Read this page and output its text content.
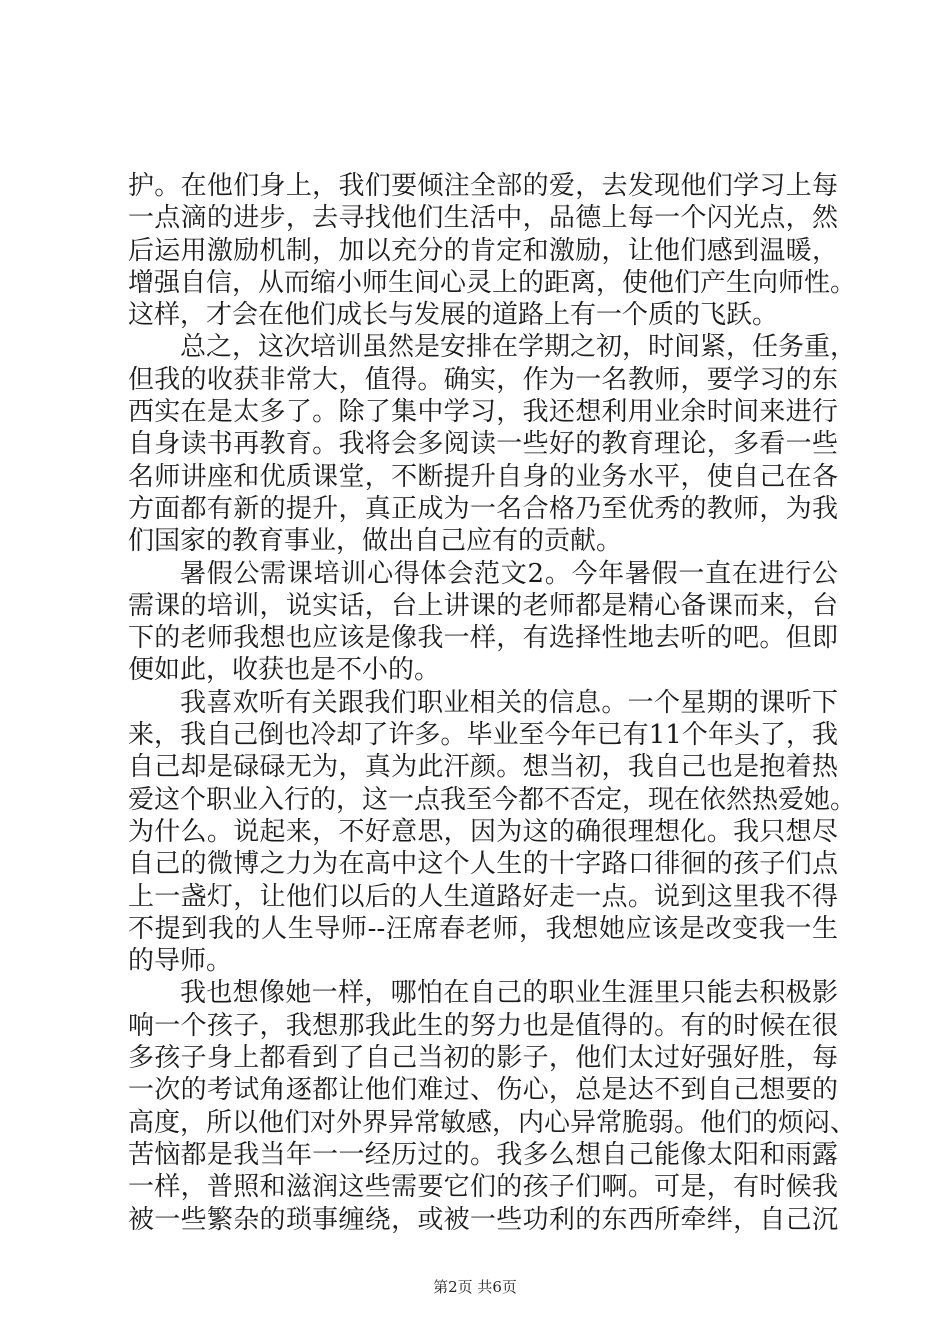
护。在他们身上，我们要倾注全部的爱，去发现他们学习上每
一点滴的进步，去寻找他们生活中，品德上每一个闪光点，然
后运用激励机制，加以充分的肯定和激励，让他们感到温暖，
增强自信，从而缩小师生间心灵上的距离，使他们产生向师性。
这样，才会在他们成长与发展的道路上有一个质的飞跃。
总之，这次培训虽然是安排在学期之初，时间紧，任务重，
但我的收获非常大，值得。确实，作为一名教师，要学习的东
西实在是太多了。除了集中学习，我还想利用业余时间来进行
自身读书再教育。我将会多阅读一些好的教育理论，多看一些
名师讲座和优质课堂，不断提升自身的业务水平，使自己在各
方面都有新的提升，真正成为一名合格乃至优秀的教师，为我
们国家的教育事业，做出自己应有的贡献。
暑假公需课培训心得体会范文2。今年暑假一直在进行公
需课的培训，说实话，台上讲课的老师都是精心备课而来，台
下的老师我想也应该是像我一样，有选择性地去听的吧。但即
便如此，收获也是不小的。
我喜欢听有关跟我们职业相关的信息。一个星期的课听下
来，我自己倒也冷却了许多。毕业至今年已有11个年头了，我
自己却是碌碌无为，真为此汗颜。想当初，我自己也是抱着热
爱这个职业入行的，这一点我至今都不否定，现在依然热爱她。
为什么。说起来，不好意思，因为这的确很理想化。我只想尽
自己的微博之力为在高中这个人生的十字路口徘徊的孩子们点
上一盏灯，让他们以后的人生道路好走一点。说到这里我不得
不提到我的人生导师--汪席春老师，我想她应该是改变我一生
的导师。
我也想像她一样，哪怕在自己的职业生涯里只能去积极影
响一个孩子，我想那我此生的努力也是值得的。有的时候在很
多孩子身上都看到了自己当初的影子，他们太过好强好胜，每
一次的考试角逐都让他们难过、伤心，总是达不到自己想要的
高度，所以他们对外界异常敏感，内心异常脆弱。他们的烦闷、
苦恼都是我当年一一经历过的。我多么想自己能像太阳和雨露
一样，普照和滋润这些需要它们的孩子们啊。可是，有时候我
被一些繁杂的琐事缠绕，或被一些功利的东西所牵绊，自己沉
第2页 共6页
